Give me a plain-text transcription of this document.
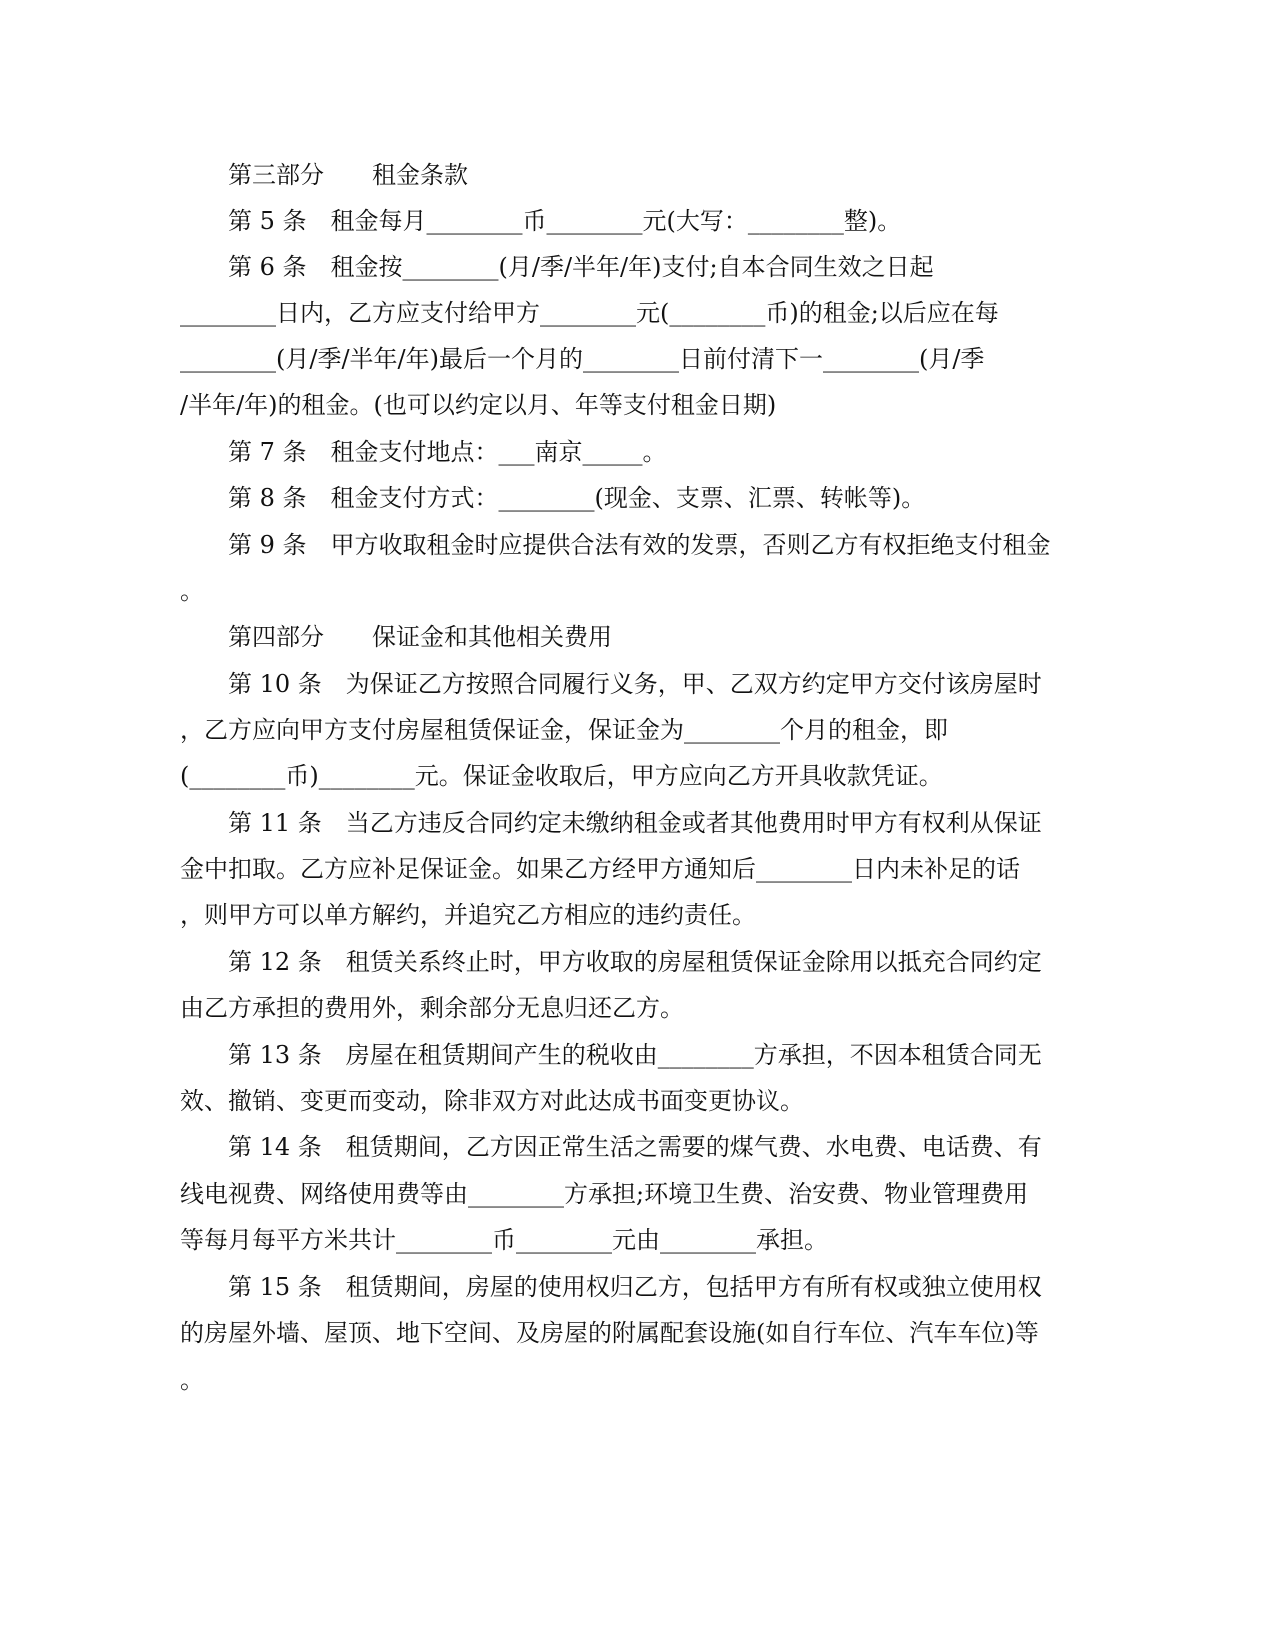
第三部分　　租金条款
第 5 条　租金每月________币________元(大写：________整)。
第 6 条　租金按________(月/季/半年/年)支付;自本合同生效之日起
________日内，乙方应支付给甲方________元(________币)的租金;以后应在每
________(月/季/半年/年)最后一个月的________日前付清下一________(月/季
/半年/年)的租金。(也可以约定以月、年等支付租金日期)
第 7 条　租金支付地点：___南京_____。
第 8 条　租金支付方式：________(现金、支票、汇票、转帐等)。
第 9 条　甲方收取租金时应提供合法有效的发票，否则乙方有权拒绝支付租金
。
第四部分　　保证金和其他相关费用
第 10 条　为保证乙方按照合同履行义务，甲、乙双方约定甲方交付该房屋时
，乙方应向甲方支付房屋租赁保证金，保证金为________个月的租金，即
(________币)________元。保证金收取后，甲方应向乙方开具收款凭证。
第 11 条　当乙方违反合同约定未缴纳租金或者其他费用时甲方有权利从保证
金中扣取。乙方应补足保证金。如果乙方经甲方通知后________日内未补足的话
，则甲方可以单方解约，并追究乙方相应的违约责任。
第 12 条　租赁关系终止时，甲方收取的房屋租赁保证金除用以抵充合同约定
由乙方承担的费用外，剩余部分无息归还乙方。
第 13 条　房屋在租赁期间产生的税收由________方承担，不因本租赁合同无
效、撤销、变更而变动，除非双方对此达成书面变更协议。
第 14 条　租赁期间，乙方因正常生活之需要的煤气费、水电费、电话费、有
线电视费、网络使用费等由________方承担;环境卫生费、治安费、物业管理费用
等每月每平方米共计________币________元由________承担。
第 15 条　租赁期间，房屋的使用权归乙方，包括甲方有所有权或独立使用权
的房屋外墙、屋顶、地下空间、及房屋的附属配套设施(如自行车位、汽车车位)等
。
